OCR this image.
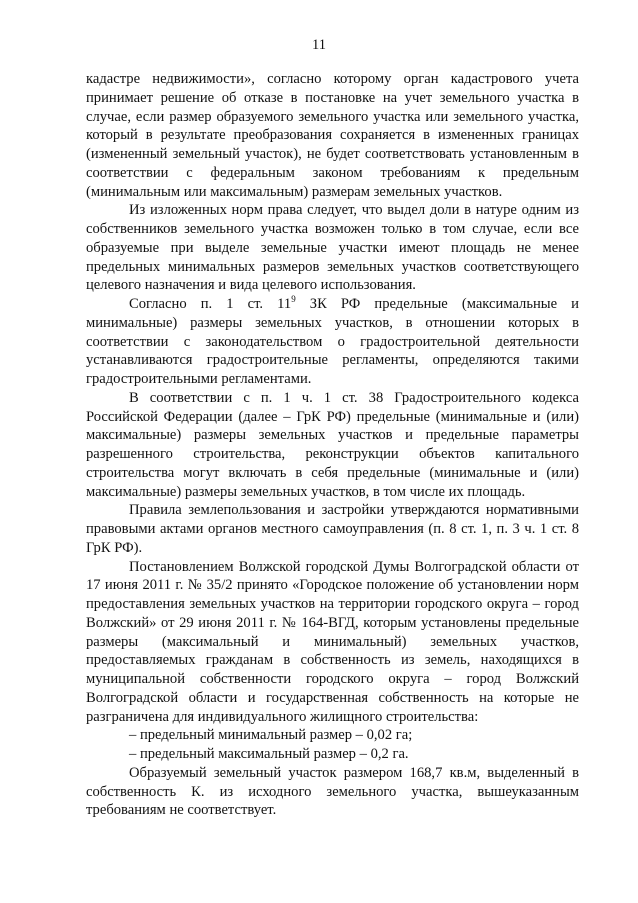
11

кадастре недвижимости», согласно которому орган кадастрового учета принимает решение об отказе в постановке на учет земельного участка в случае, если размер образуемого земельного участка или земельного участка, который в результате преобразования сохраняется в измененных границах (измененный земельный участок), не будет соответствовать установленным в соответствии с федеральным законом требованиям к предельным (минимальным или максимальным) размерам земельных участков.

Из изложенных норм права следует, что выдел доли в натуре одним из собственников земельного участка возможен только в том случае, если все образуемые при выделе земельные участки имеют площадь не менее предельных минимальных размеров земельных участков соответствующего целевого назначения и вида целевого использования.

Согласно п. 1 ст. $11^9$ ЗК РФ предельные (максимальные и минимальные) размеры земельных участков, в отношении которых в соответствии с законодательством о градостроительной деятельности устанавливаются градостроительные регламенты, определяются такими градостроительными регламентами.

В соответствии с п. 1 ч. 1 ст. 38 Градостроительного кодекса Российской Федерации (далее – ГрК РФ) предельные (минимальные и (или) максимальные) размеры земельных участков и предельные параметры разрешенного строительства, реконструкции объектов капитального строительства могут включать в себя предельные (минимальные и (или) максимальные) размеры земельных участков, в том числе их площадь.

Правила землепользования и застройки утверждаются нормативными правовыми актами органов местного самоуправления (п. 8 ст. 1, п. 3 ч. 1 ст. 8 ГрК РФ).

Постановлением Волжской городской Думы Волгоградской области от 17 июня 2011 г. № 35/2 принято «Городское положение об установлении норм предоставления земельных участков на территории городского округа – город Волжский» от 29 июня 2011 г. № 164-ВГД, которым установлены предельные размеры (максимальный и минимальный) земельных участков, предоставляемых гражданам в собственность из земель, находящихся в муниципальной собственности городского округа – город Волжский Волгоградской области и государственная собственность на которые не разграничена для индивидуального жилищного строительства:

– предельный минимальный размер – 0,02 га;

– предельный максимальный размер – 0,2 га.

Образуемый земельный участок размером 168,7 кв.м, выделенный в собственность К. из исходного земельного участка, вышеуказанным требованиям не соответствует.
